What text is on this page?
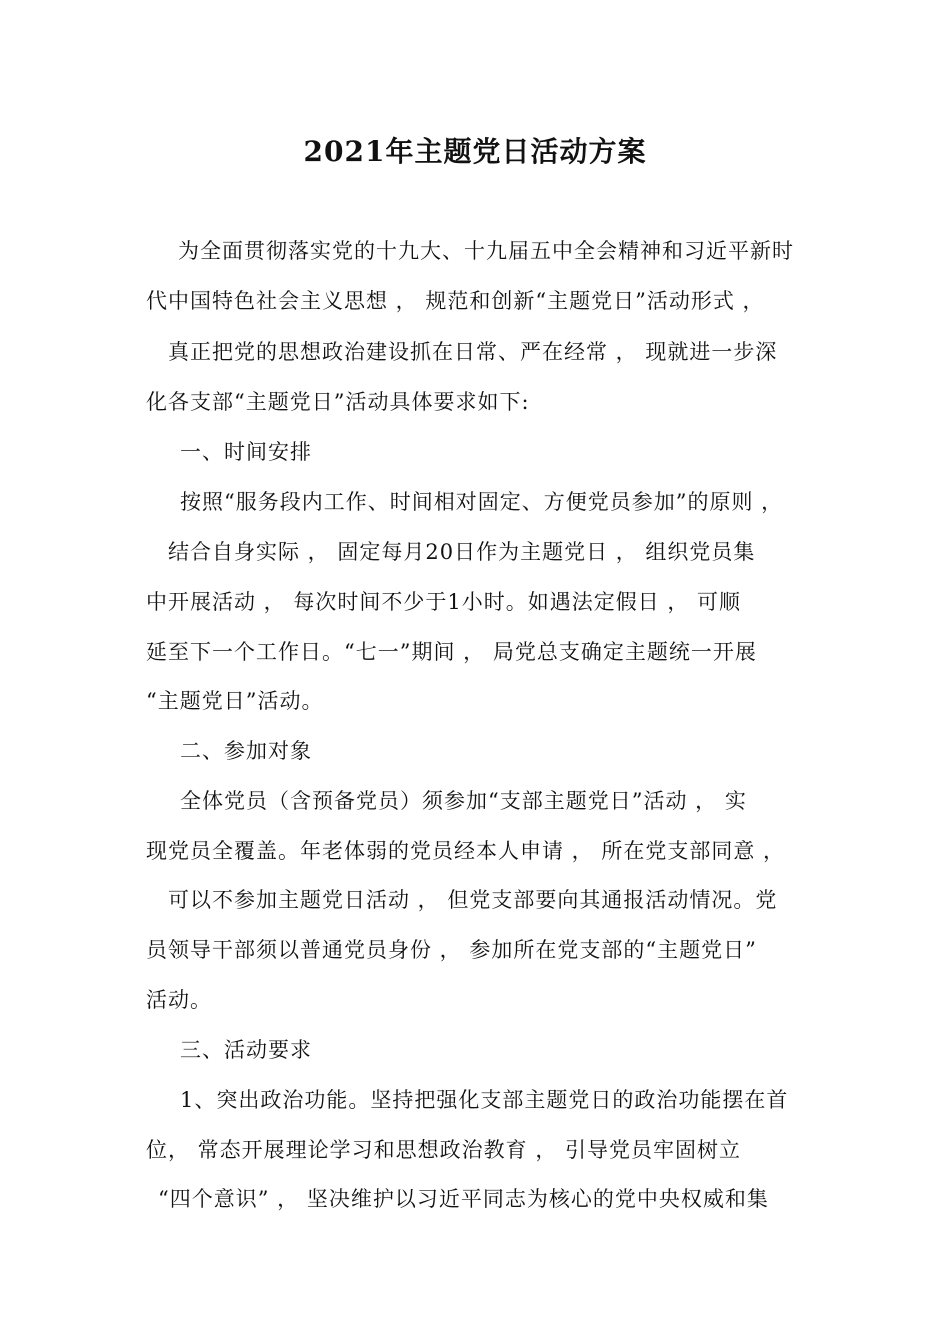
2021年主题党日活动方案
为全面贯彻落实党的十九大、十九届五中全会精神和习近平新时
代中国特色社会主义思想 ， 规范和创新“主题党日”活动形式 ，
真正把党的思想政治建设抓在日常、严在经常 ， 现就进一步深
化各支部“主题党日”活动具体要求如下:
一、时间安排
按照“服务段内工作、时间相对固定、方便党员参加”的原则 ，
结合自身实际 ， 固定每月20日作为主题党日 ， 组织党员集
中开展活动 ， 每次时间不少于1小时。如遇法定假日 ， 可顺
延至下一个工作日。“七一”期间 ， 局党总支确定主题统一开展
“主题党日”活动。
二、参加对象
全体党员（含预备党员）须参加“支部主题党日”活动 ， 实
现党员全覆盖。年老体弱的党员经本人申请 ， 所在党支部同意 ，
可以不参加主题党日活动 ， 但党支部要向其通报活动情况。党
员领导干部须以普通党员身份 ， 参加所在党支部的“主题党日”
活动。
三、活动要求
1、突出政治功能。坚持把强化支部主题党日的政治功能摆在首
位， 常态开展理论学习和思想政治教育 ， 引导党员牢固树立
“四个意识” ， 坚决维护以习近平同志为核心的党中央权威和集
